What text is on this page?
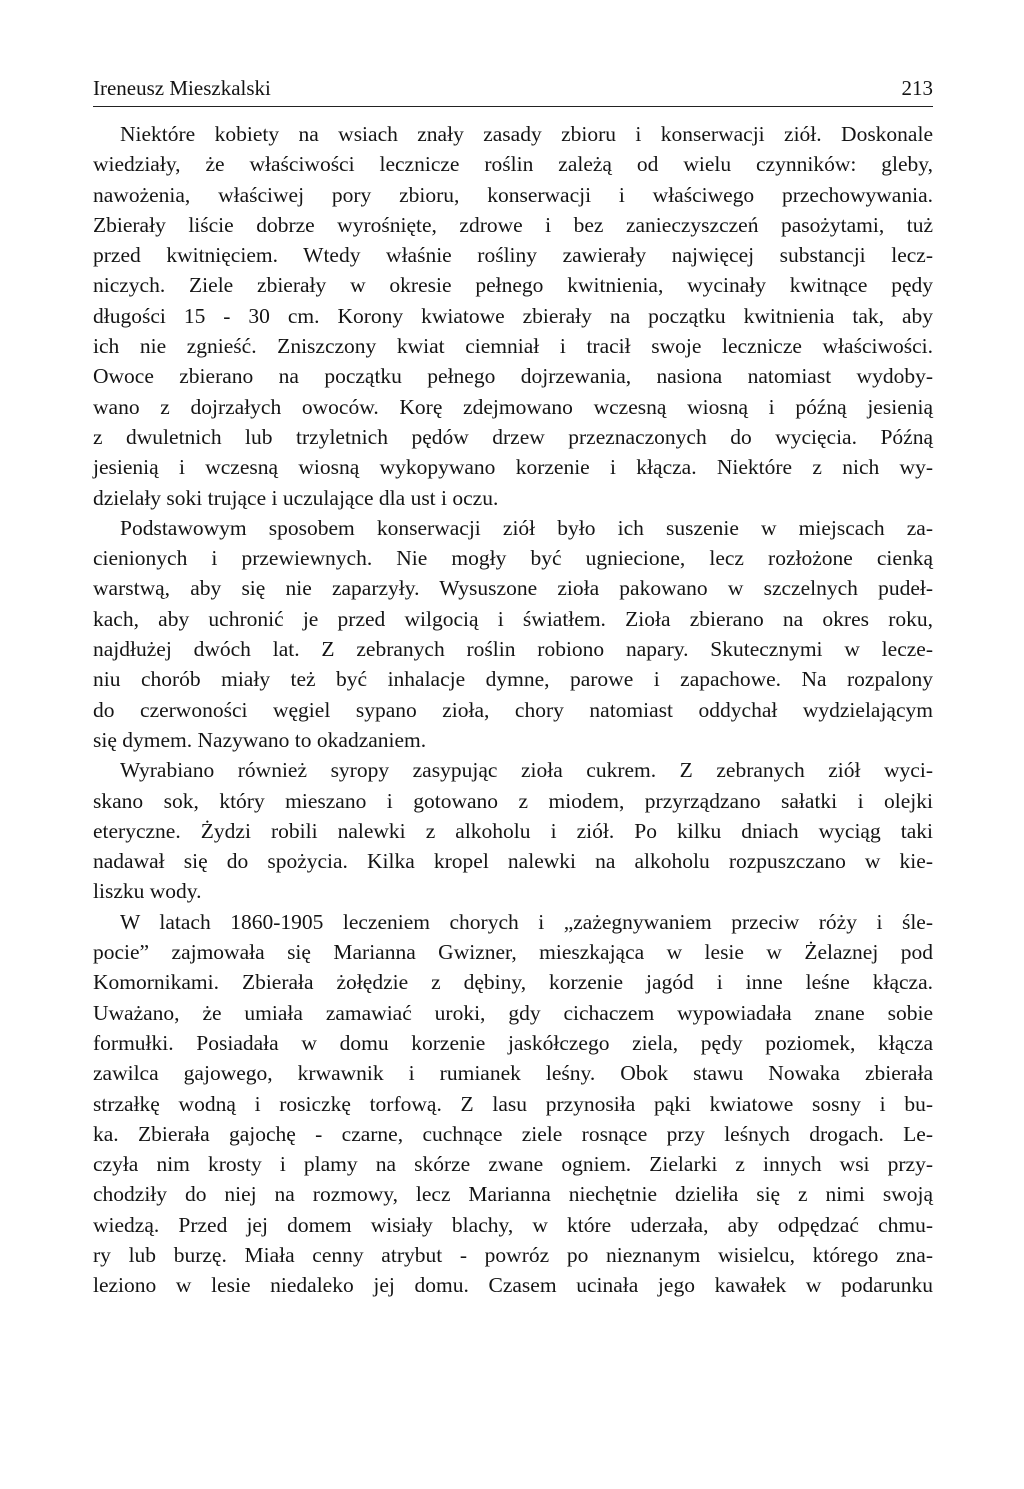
Ireneusz Mieszkalski	213
Niektóre kobiety na wsiach znały zasady zbioru i konserwacji ziół. Doskonale
wiedziały, że właściwości lecznicze roślin zależą od wielu czynników: gleby,
nawożenia, właściwej pory zbioru, konserwacji i właściwego przechowywania.
Zbierały liście dobrze wyrośnięte, zdrowe i bez zanieczyszczeń pasożytami, tuż
przed kwitnięciem. Wtedy właśnie rośliny zawierały najwięcej substancji lecz-
niczych. Ziele zbierały w okresie pełnego kwitnienia, wycinały kwitnące pędy
długości 15 - 30 cm. Korony kwiatowe zbierały na początku kwitnienia tak, aby
ich nie zgnieść. Zniszczony kwiat ciemniał i tracił swoje lecznicze właściwości.
Owoce zbierano na początku pełnego dojrzewania, nasiona natomiast wydoby-
wano z dojrzałych owoców. Korę zdejmowano wczesną wiosną i późną jesienią
z dwuletnich lub trzyletnich pędów drzew przeznaczonych do wycięcia. Późną
jesienią i wczesną wiosną wykopywano korzenie i kłącza. Niektóre z nich wy-
dzielały soki trujące i uczulające dla ust i oczu.
Podstawowym sposobem konserwacji ziół było ich suszenie w miejscach za-
cienionych i przewiewnych. Nie mogły być ugniecione, lecz rozłożone cienką
warstwą, aby się nie zaparzyły. Wysuszone zioła pakowano w szczelnych pudeł-
kach, aby uchronić je przed wilgocią i światłem. Zioła zbierano na okres roku,
najdłużej dwóch lat. Z zebranych roślin robiono napary. Skutecznymi w lecze-
niu chorób miały też być inhalacje dymne, parowe i zapachowe. Na rozpalony
do czerwoności węgiel sypano zioła, chory natomiast oddychał wydzielającym
się dymem. Nazywano to okadzaniem.
Wyrabiano również syropy zasypując zioła cukrem. Z zebranych ziół wyci-
skano sok, który mieszano i gotowano z miodem, przyrządzano sałatki i olejki
eteryczne. Żydzi robili nalewki z alkoholu i ziół. Po kilku dniach wyciąg taki
nadawał się do spożycia. Kilka kropel nalewki na alkoholu rozpuszczano w kie-
liszku wody.
W latach 1860-1905 leczeniem chorych i „zażegnywaniem przeciw róży i śle-
pocie” zajmowała się Marianna Gwizner, mieszkająca w lesie w Żelaznej pod
Komornikami. Zbierała żołędzie z dębiny, korzenie jagód i inne leśne kłącza.
Uważano, że umiała zamawiać uroki, gdy cichaczem wypowiadała znane sobie
formułki. Posiadała w domu korzenie jaskółczego ziela, pędy poziomek, kłącza
zawilca gajowego, krwawnik i rumianek leśny. Obok stawu Nowaka zbierała
strzałkę wodną i rosiczkę torfową. Z lasu przynosiła pąki kwiatowe sosny i bu-
ka. Zbierała gajochę - czarne, cuchnące ziele rosnące przy leśnych drogach. Le-
czyła nim krosty i plamy na skórze zwane ogniem. Zielarki z innych wsi przy-
chodziły do niej na rozmowy, lecz Marianna niechętnie dzieliła się z nimi swoją
wiedzą. Przed jej domem wisiały blachy, w które uderzała, aby odpędzać chmu-
ry lub burzę. Miała cenny atrybut - powróz po nieznanym wisielcu, którego zna-
leziono w lesie niedaleko jej domu. Czasem ucinała jego kawałek w podarunku
